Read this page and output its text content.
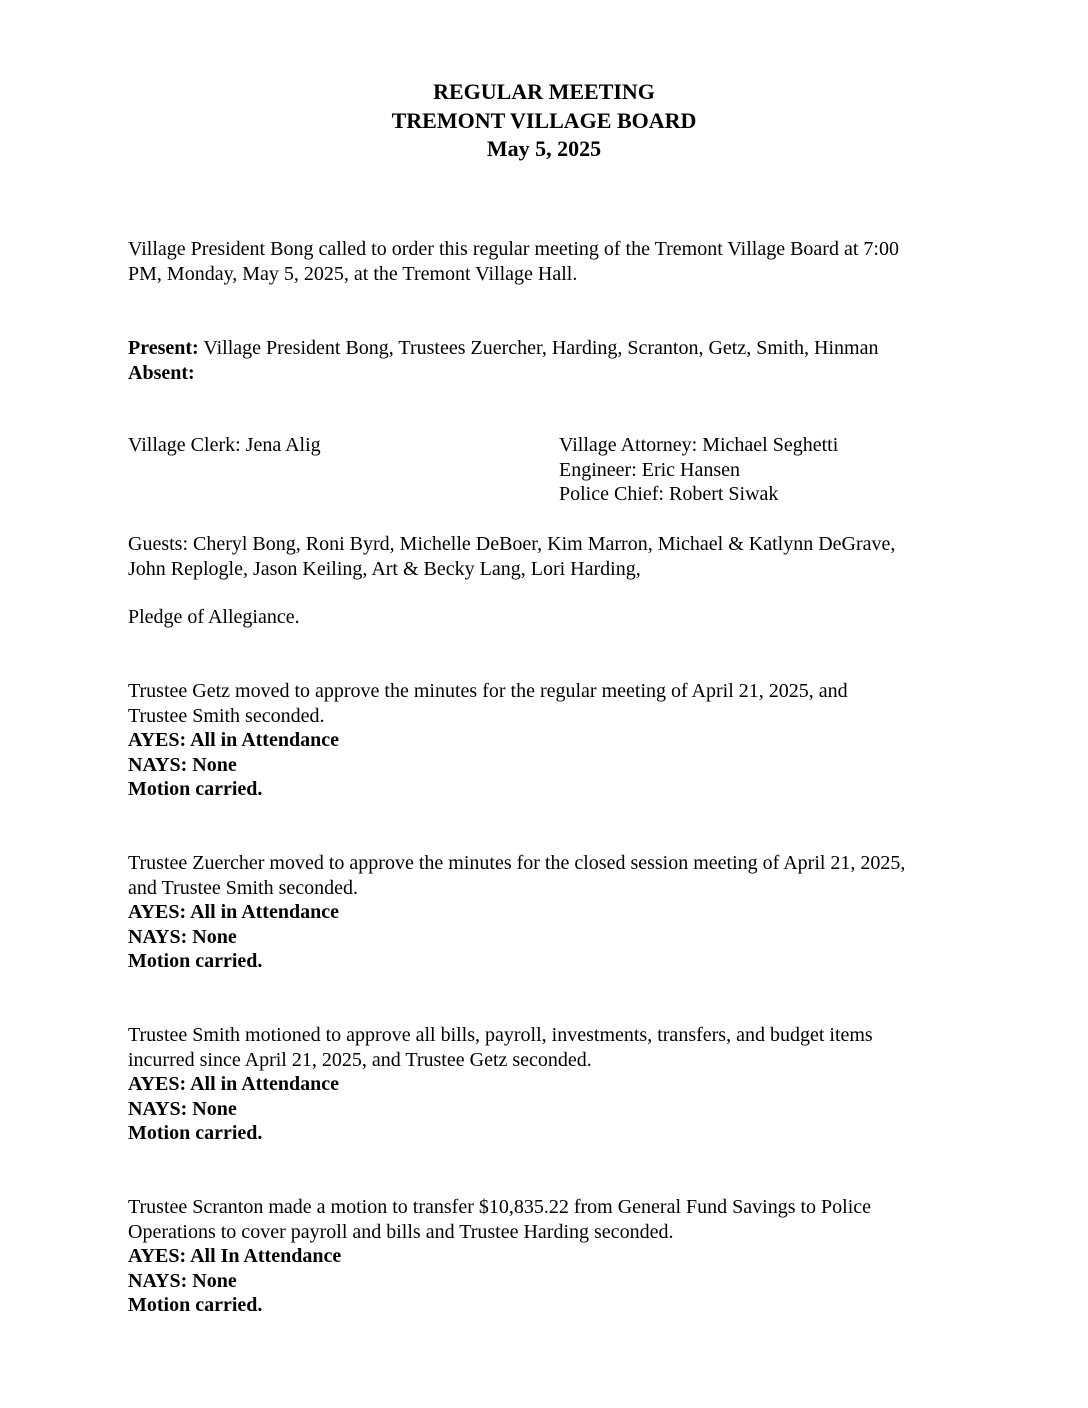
REGULAR MEETING
TREMONT VILLAGE BOARD
May 5, 2025
Village President Bong called to order this regular meeting of the Tremont Village Board at 7:00
PM, Monday, May 5, 2025, at the Tremont Village Hall.
Present: Village President Bong, Trustees Zuercher, Harding, Scranton, Getz, Smith, Hinman
Absent:
Village Clerk: Jena Alig	Village Attorney: Michael Seghetti
Engineer: Eric Hansen
Police Chief: Robert Siwak
Guests: Cheryl Bong, Roni Byrd, Michelle DeBoer, Kim Marron, Michael & Katlynn DeGrave,
John Replogle, Jason Keiling, Art & Becky Lang, Lori Harding,
Pledge of Allegiance.
Trustee Getz moved to approve the minutes for the regular meeting of April 21, 2025, and
Trustee Smith seconded.
AYES: All in Attendance
NAYS: None
Motion carried.
Trustee Zuercher moved to approve the minutes for the closed session meeting of April 21, 2025,
and Trustee Smith seconded.
AYES: All in Attendance
NAYS: None
Motion carried.
Trustee Smith motioned to approve all bills, payroll, investments, transfers, and budget items
incurred since April 21, 2025, and Trustee Getz seconded.
AYES: All in Attendance
NAYS: None
Motion carried.
Trustee Scranton made a motion to transfer $10,835.22 from General Fund Savings to Police
Operations to cover payroll and bills and Trustee Harding seconded.
AYES: All In Attendance
NAYS: None
Motion carried.
